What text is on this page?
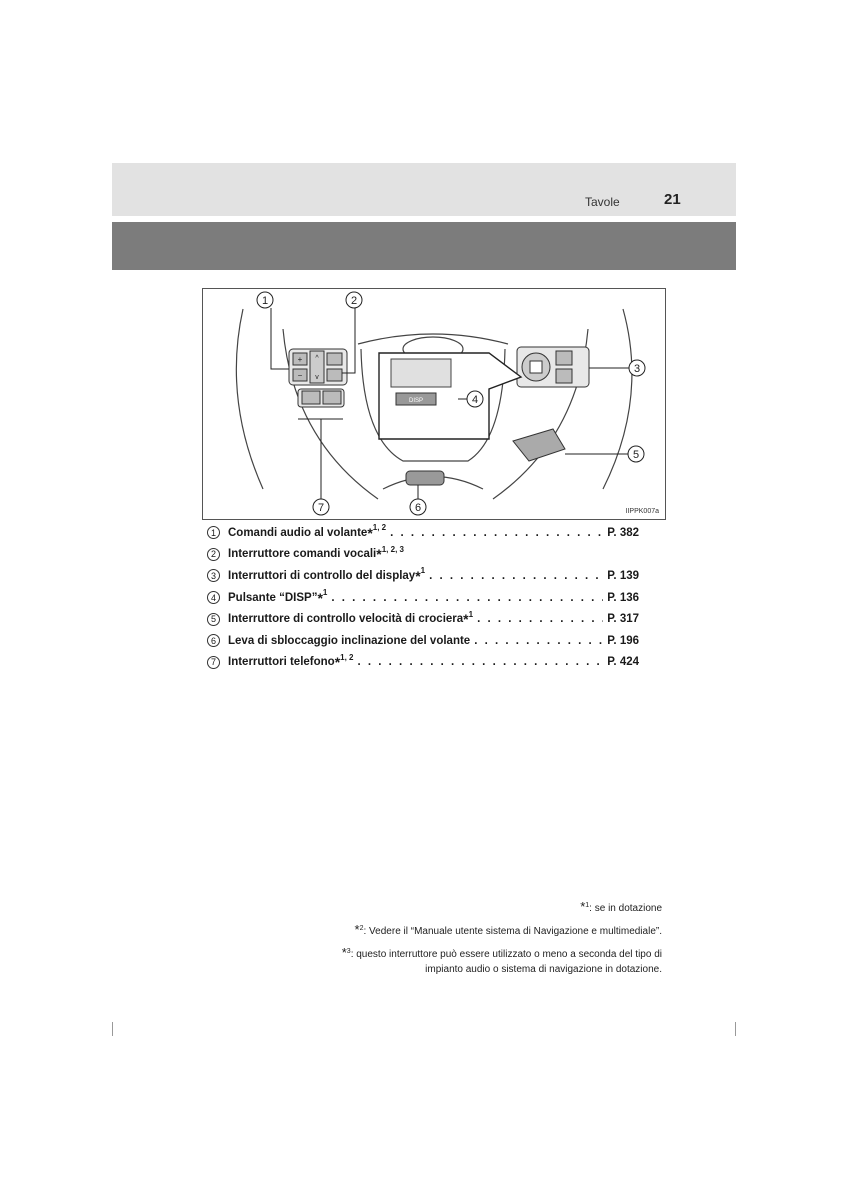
Tavole	21
+
−
^
v
DISP
1	2
3
4
5
6
7	IIPPK007a
1	Comandi audio al volante * 1, 2 . . .	P. 382
2	Interruttore comandi vocali * 1, 2, 3
3	Interruttori di controllo del display * 1 . . .	P. 139
4	Pulsante “DISP” * 1 . . .	P. 136
5	Interruttore di controllo velocità di crociera * 1 . . .	P. 317
6	Leva di sbloccaggio inclinazione del volante . . .	P. 196
7	Interruttori telefono * 1, 2 . . .	P. 424
*$^1$: se in dotazione
*$^2$: Vedere il “Manuale utente sistema di Navigazione e multimediale”.
*$^3$: questo interruttore può essere utilizzato o meno a seconda del tipo di
impianto audio o sistema di navigazione in dotazione.
